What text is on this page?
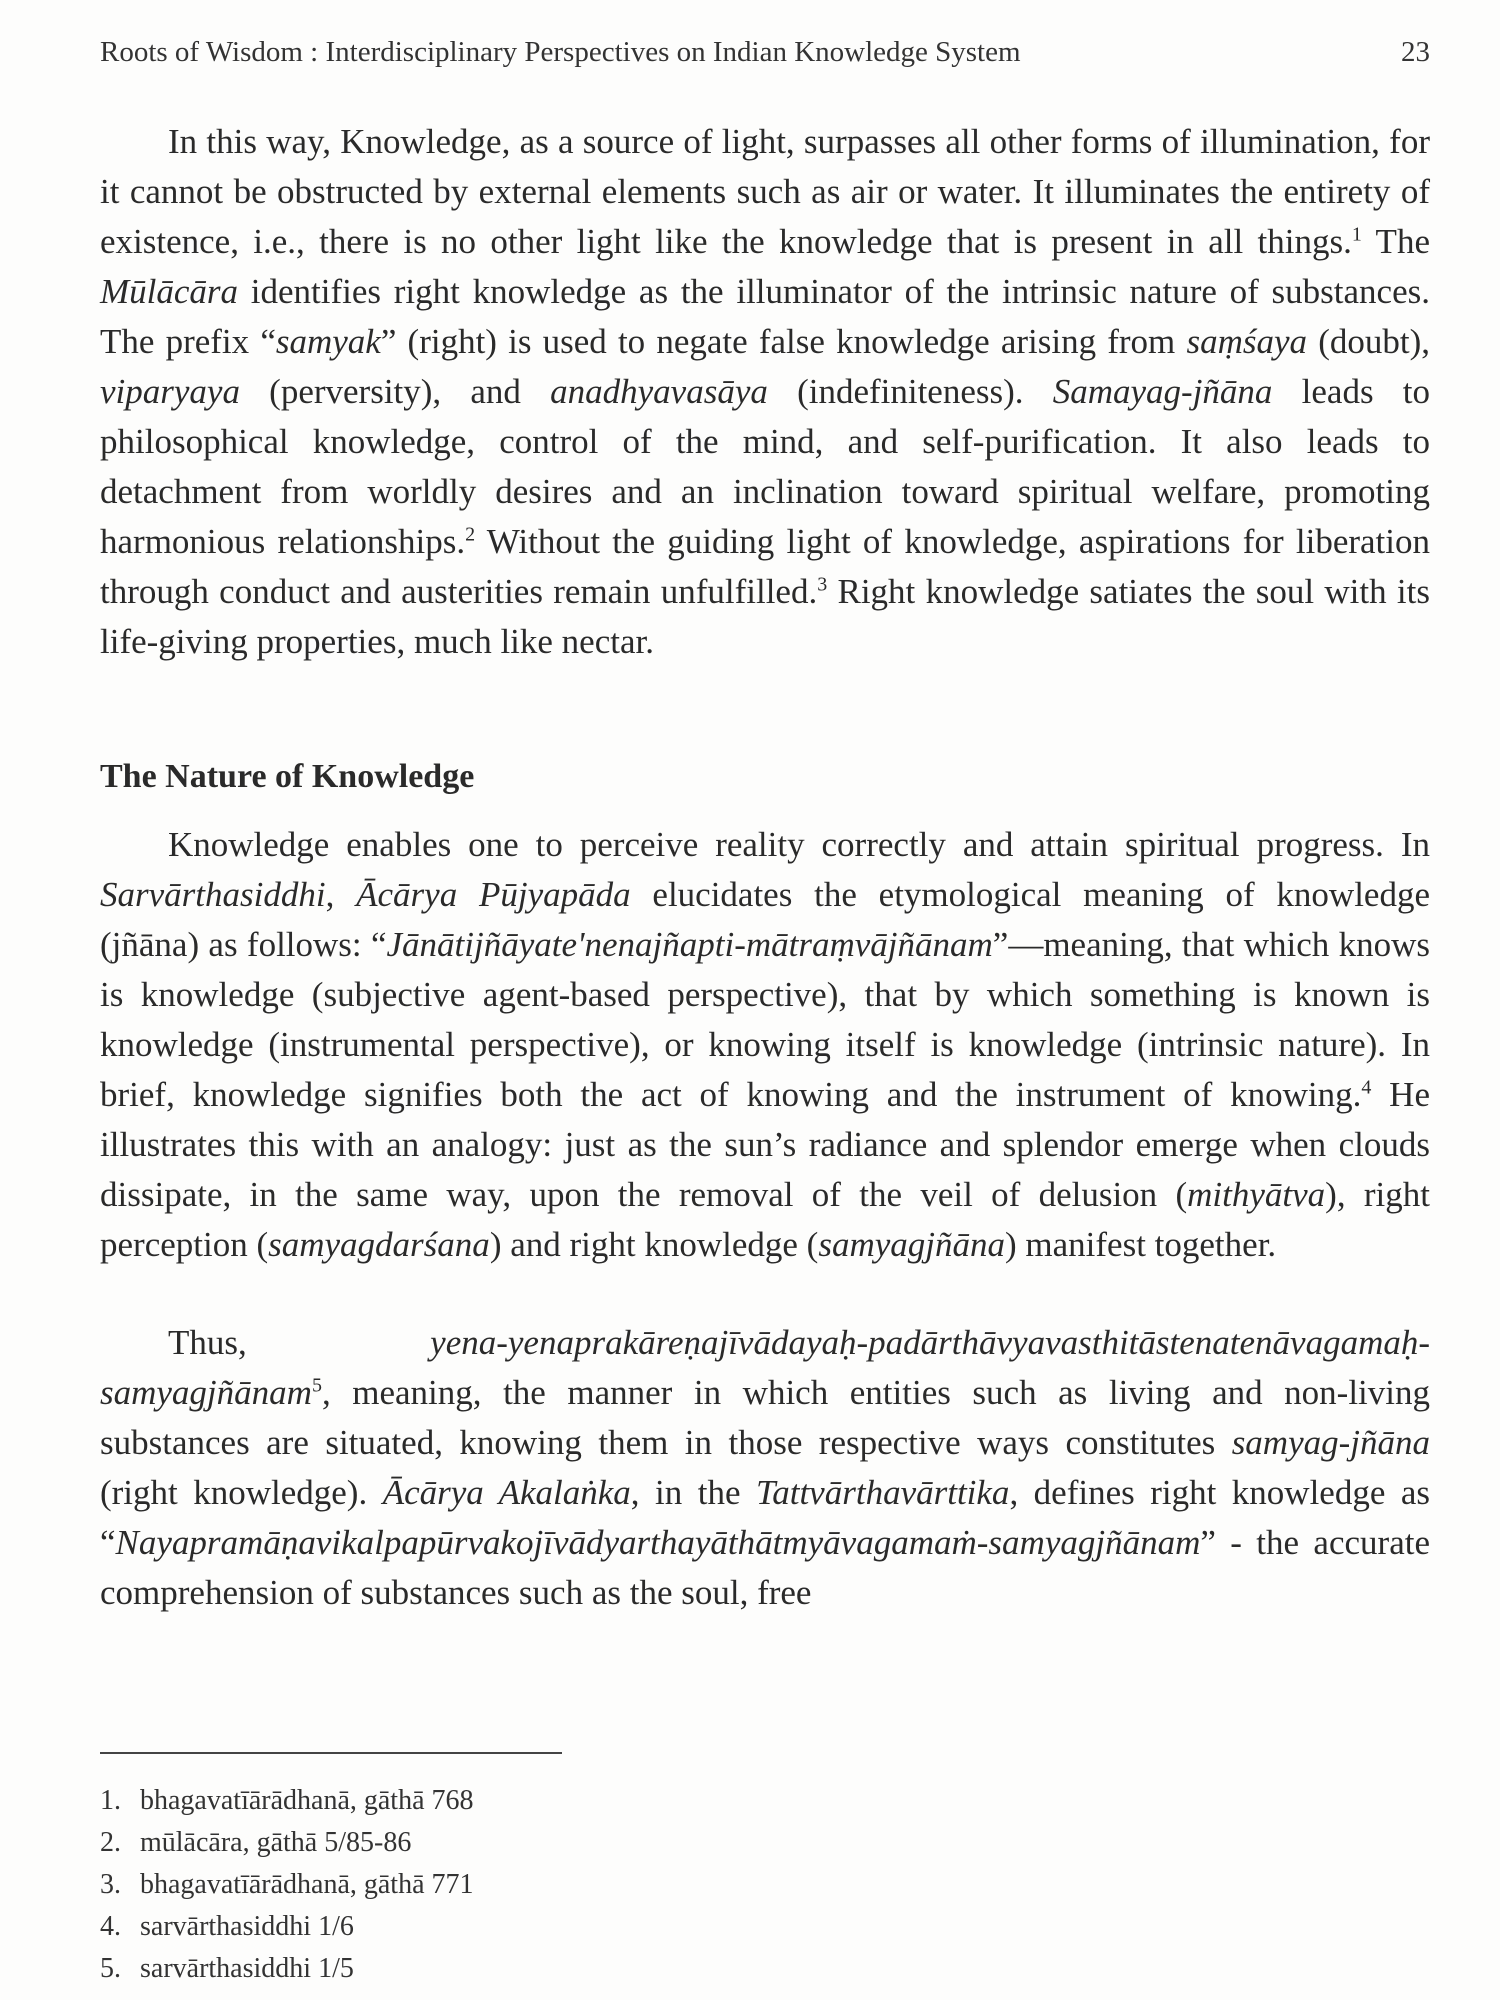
Roots of Wisdom : Interdisciplinary Perspectives on Indian Knowledge System	23

In this way, Knowledge, as a source of light, surpasses all other forms of illumination, for it cannot be obstructed by external elements such as air or water. It illuminates the entirety of existence, i.e., there is no other light like the knowledge that is present in all things.$^1$ The Mūlācāra identifies right knowledge as the illuminator of the intrinsic nature of substances. The prefix “samyak” (right) is used to negate false knowledge arising from saṃśaya (doubt), viparyaya (perversity), and anadhyavasāya (indefiniteness). Samayag-jñāna leads to philosophical knowledge, control of the mind, and self-purification. It also leads to detachment from worldly desires and an inclination toward spiritual welfare, promoting harmonious relationships.$^2$ Without the guiding light of knowledge, aspirations for liberation through conduct and austerities remain unfulfilled.$^3$ Right knowledge satiates the soul with its life-giving properties, much like nectar.

The Nature of Knowledge

Knowledge enables one to perceive reality correctly and attain spiritual progress. In Sarvārthasiddhi, Ācārya Pūjyapāda elucidates the etymological meaning of knowledge (jñāna) as follows: “Jānātijñāyate'nenajñapti-mātraṃvājñānam”—meaning, that which knows is knowledge (subjective agent-based perspective), that by which something is known is knowledge (instrumental perspective), or knowing itself is knowledge (intrinsic nature). In brief, knowledge signifies both the act of knowing and the instrument of knowing.$^4$ He illustrates this with an analogy: just as the sun’s radiance and splendor emerge when clouds dissipate, in the same way, upon the removal of the veil of delusion (mithyātva), right perception (samyagdarśana) and right knowledge (samyagjñāna) manifest together.

Thus, yena-yenaprakāreṇajīvādayaḥ-padārthāvyavasthitāstenatenāvagamaḥ-samyagjñānam$^5$, meaning, the manner in which entities such as living and non-living substances are situated, knowing them in those respective ways constitutes samyag-jñāna (right knowledge). Ācārya Akalaṅka, in the Tattvārthavārttika, defines right knowledge as “Nayapramāṇavikalpapūrvakojīvādyarthayāthātmyāvagamaṁ-samyagjñānam” - the accurate comprehension of substances such as the soul, free

1. bhagavatīārādhanā, gāthā 768
2. mūlācāra, gāthā 5/85-86
3. bhagavatīārādhanā, gāthā 771
4. sarvārthasiddhi 1/6
5. sarvārthasiddhi 1/5
